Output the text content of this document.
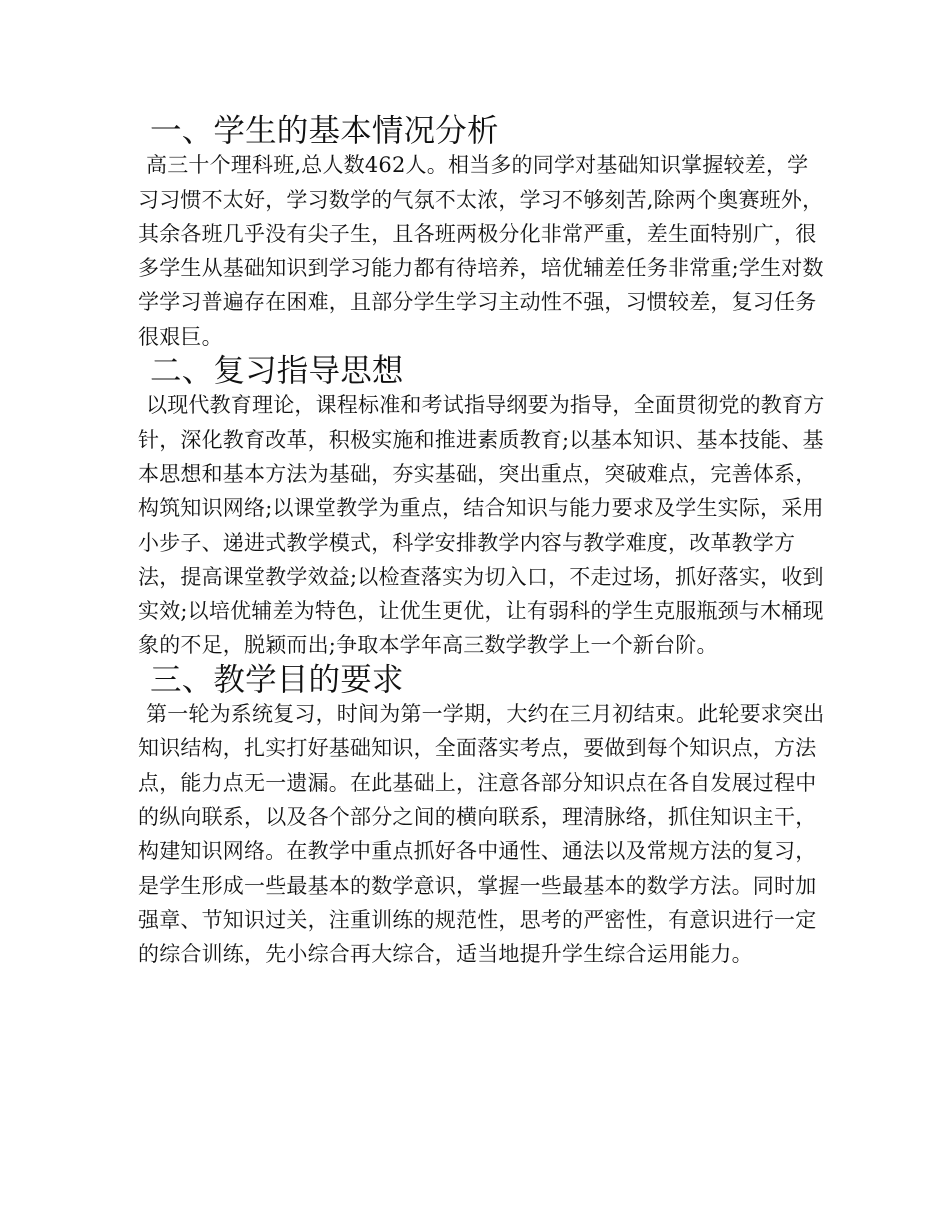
一、学生的基本情况分析

高三十个理科班,总人数462人。相当多的同学对基础知识掌握较差，学习习惯不太好，学习数学的气氛不太浓，学习不够刻苦,除两个奥赛班外，其余各班几乎没有尖子生，且各班两极分化非常严重，差生面特别广，很多学生从基础知识到学习能力都有待培养，培优辅差任务非常重;学生对数学学习普遍存在困难，且部分学生学习主动性不强，习惯较差，复习任务很艰巨。

二、复习指导思想

以现代教育理论，课程标准和考试指导纲要为指导，全面贯彻党的教育方针，深化教育改革，积极实施和推进素质教育;以基本知识、基本技能、基本思想和基本方法为基础，夯实基础，突出重点，突破难点，完善体系，构筑知识网络;以课堂教学为重点，结合知识与能力要求及学生实际，采用小步子、递进式教学模式，科学安排教学内容与教学难度，改革教学方法，提高课堂教学效益;以检查落实为切入口，不走过场，抓好落实，收到实效;以培优辅差为特色，让优生更优，让有弱科的学生克服瓶颈与木桶现象的不足，脱颖而出;争取本学年高三数学教学上一个新台阶。

三、教学目的要求

第一轮为系统复习，时间为第一学期，大约在三月初结束。此轮要求突出知识结构，扎实打好基础知识，全面落实考点，要做到每个知识点，方法点，能力点无一遗漏。在此基础上，注意各部分知识点在各自发展过程中的纵向联系，以及各个部分之间的横向联系，理清脉络，抓住知识主干，构建知识网络。在教学中重点抓好各中通性、通法以及常规方法的复习，是学生形成一些最基本的数学意识，掌握一些最基本的数学方法。同时加强章、节知识过关，注重训练的规范性，思考的严密性，有意识进行一定的综合训练，先小综合再大综合，适当地提升学生综合运用能力。
